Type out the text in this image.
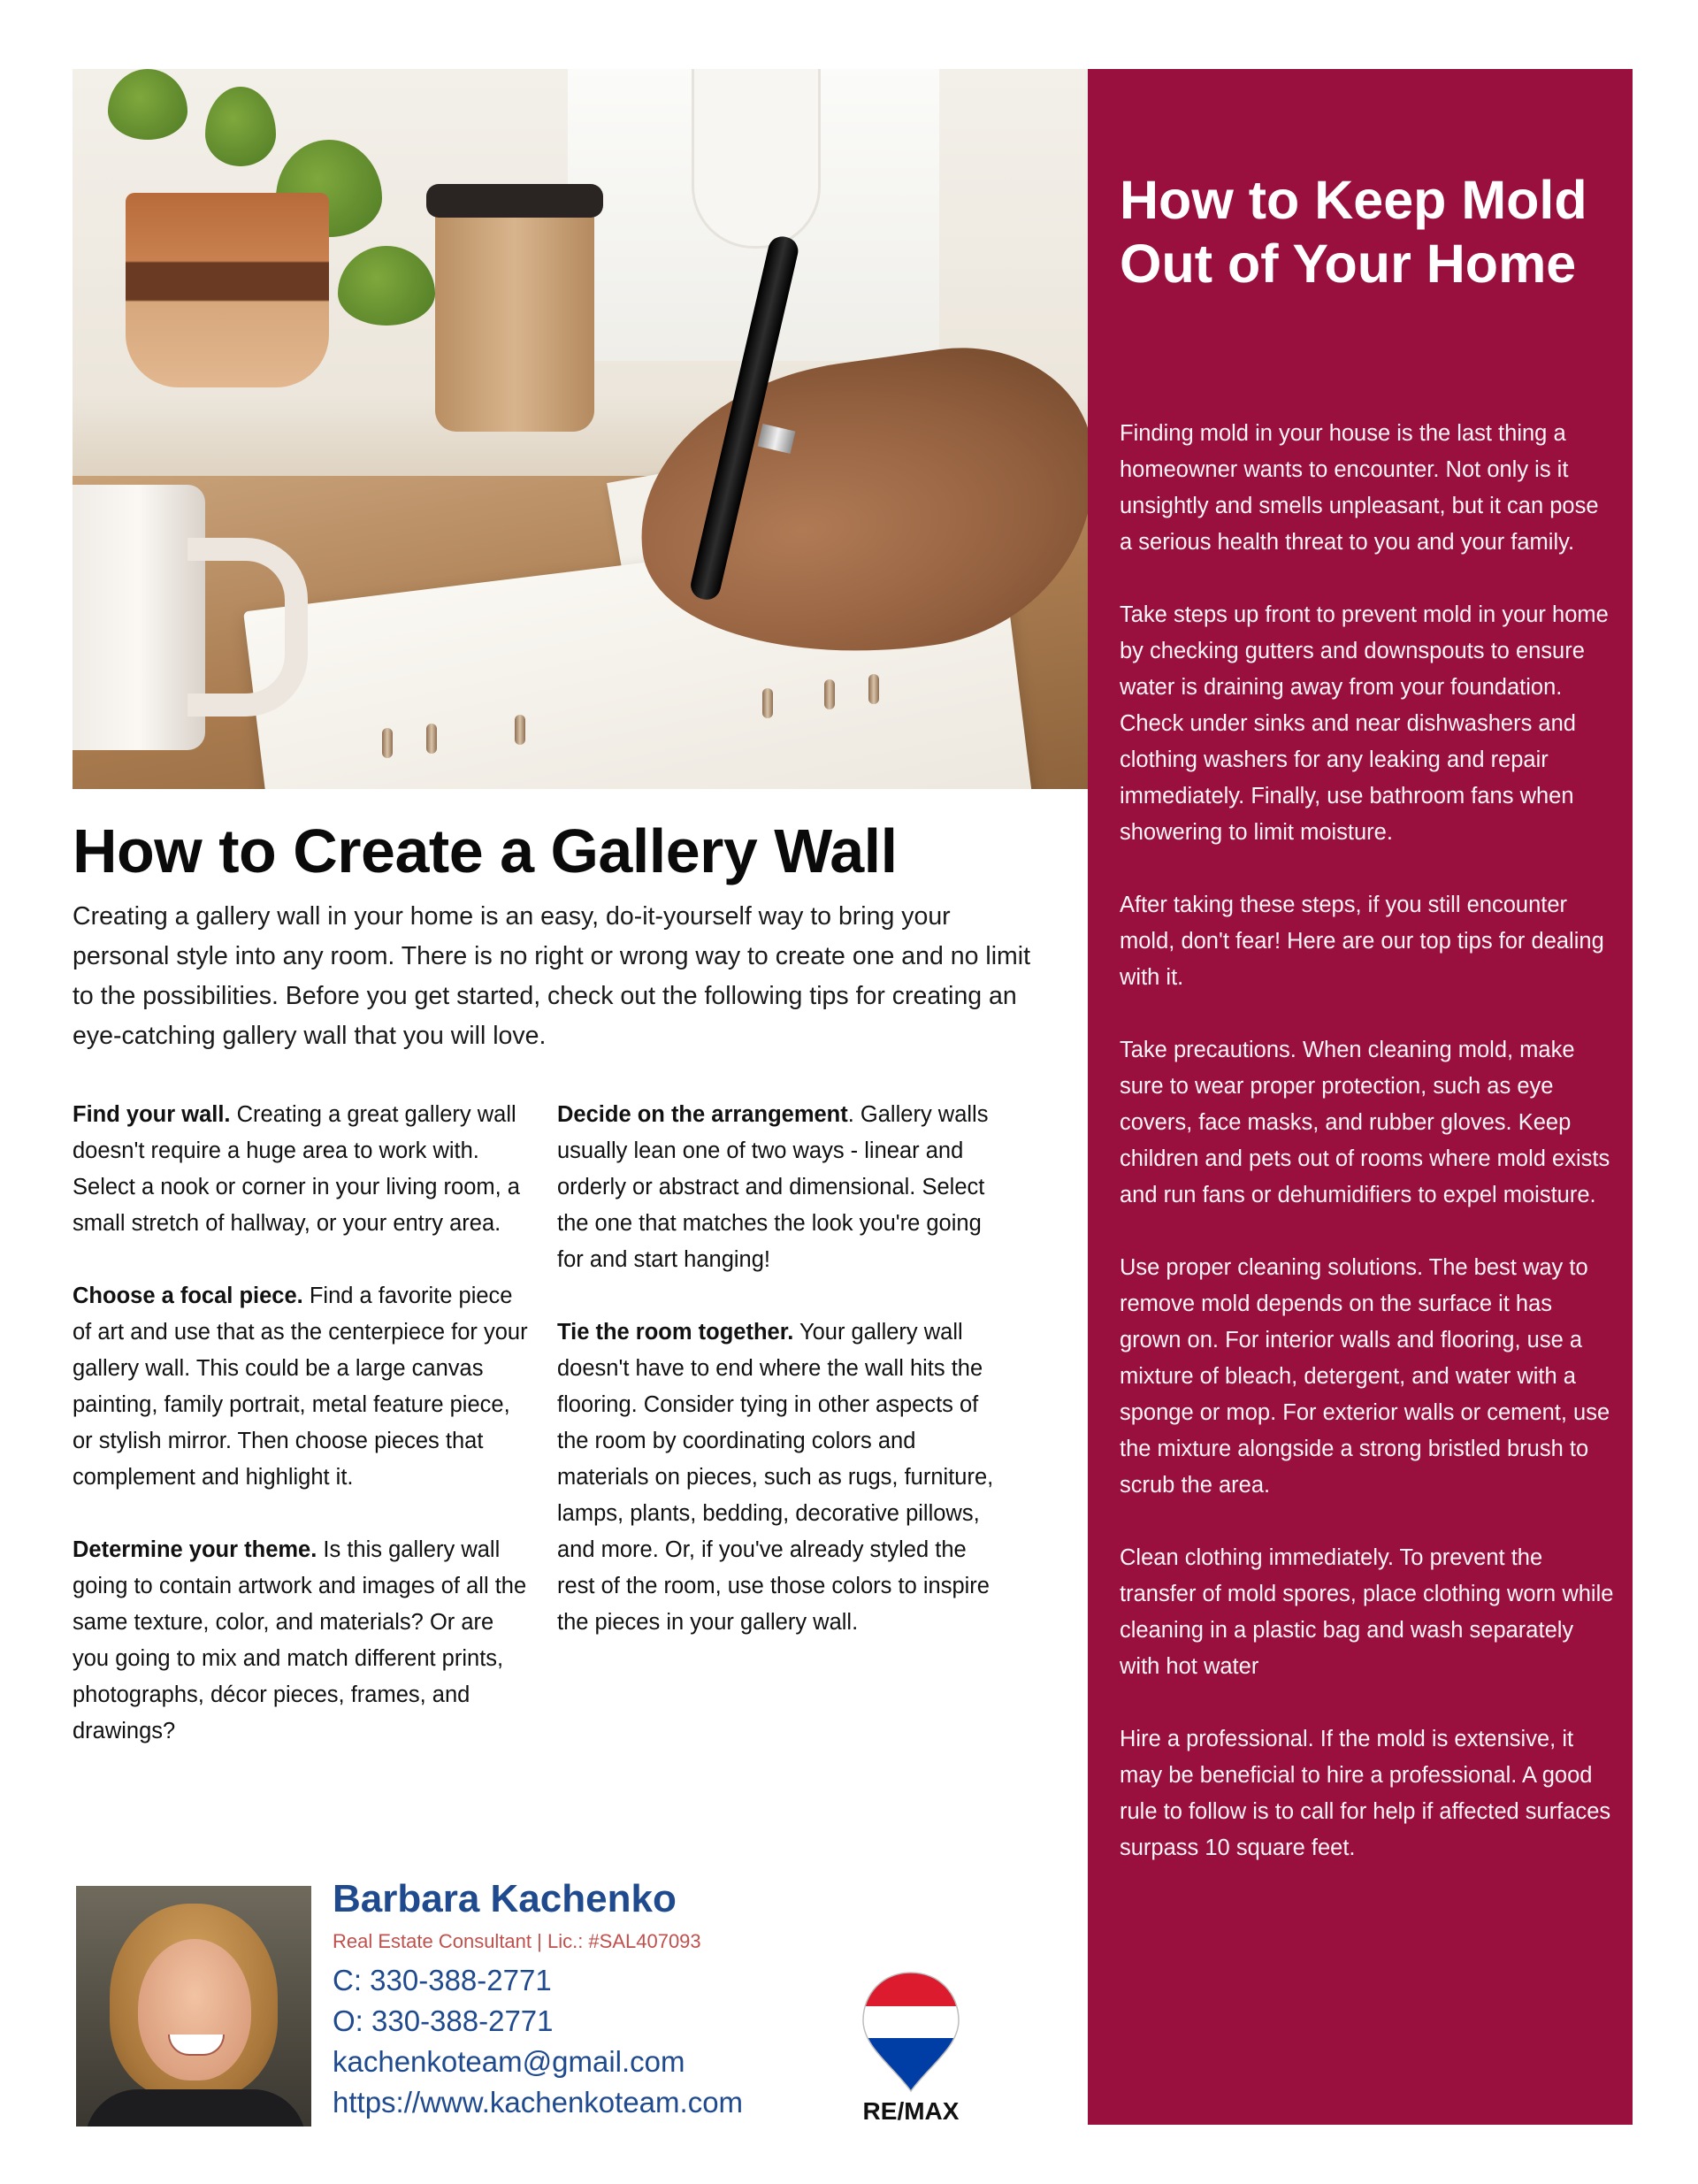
How to Create a Gallery Wall

Creating a gallery wall in your home is an easy, do-it-yourself way to bring your personal style into any room. There is no right or wrong way to create one and no limit to the possibilities. Before you get started, check out the following tips for creating an eye-catching gallery wall that you will love.

Find your wall. Creating a great gallery wall doesn't require a huge area to work with. Select a nook or corner in your living room, a small stretch of hallway, or your entry area.

Choose a focal piece. Find a favorite piece of art and use that as the centerpiece for your gallery wall. This could be a large canvas painting, family portrait, metal feature piece, or stylish mirror. Then choose pieces that complement and highlight it.

Determine your theme. Is this gallery wall going to contain artwork and images of all the same texture, color, and materials? Or are you going to mix and match different prints, photographs, décor pieces, frames, and drawings?

Decide on the arrangement. Gallery walls usually lean one of two ways - linear and orderly or abstract and dimensional. Select the one that matches the look you're going for and start hanging!

Tie the room together. Your gallery wall doesn't have to end where the wall hits the flooring. Consider tying in other aspects of the room by coordinating colors and materials on pieces, such as rugs, furniture, lamps, plants, bedding, decorative pillows, and more. Or, if you've already styled the rest of the room, use those colors to inspire the pieces in your gallery wall.

Barbara Kachenko
Real Estate Consultant | Lic.: #SAL407093
C: 330-388-2771
O: 330-388-2771
kachenkoteam@gmail.com
https://www.kachenkoteam.com	RE/MAX
How to Keep Mold Out of Your Home

Finding mold in your house is the last thing a homeowner wants to encounter. Not only is it unsightly and smells unpleasant, but it can pose a serious health threat to you and your family.

Take steps up front to prevent mold in your home by checking gutters and downspouts to ensure water is draining away from your foundation. Check under sinks and near dishwashers and clothing washers for any leaking and repair immediately. Finally, use bathroom fans when showering to limit moisture.

After taking these steps, if you still encounter mold, don't fear! Here are our top tips for dealing with it.

Take precautions. When cleaning mold, make sure to wear proper protection, such as eye covers, face masks, and rubber gloves. Keep children and pets out of rooms where mold exists and run fans or dehumidifiers to expel moisture.

Use proper cleaning solutions. The best way to remove mold depends on the surface it has grown on. For interior walls and flooring, use a mixture of bleach, detergent, and water with a sponge or mop. For exterior walls or cement, use the mixture alongside a strong bristled brush to scrub the area.

Clean clothing immediately. To prevent the transfer of mold spores, place clothing worn while cleaning in a plastic bag and wash separately with hot water

Hire a professional. If the mold is extensive, it may be beneficial to hire a professional. A good rule to follow is to call for help if affected surfaces surpass 10 square feet.
